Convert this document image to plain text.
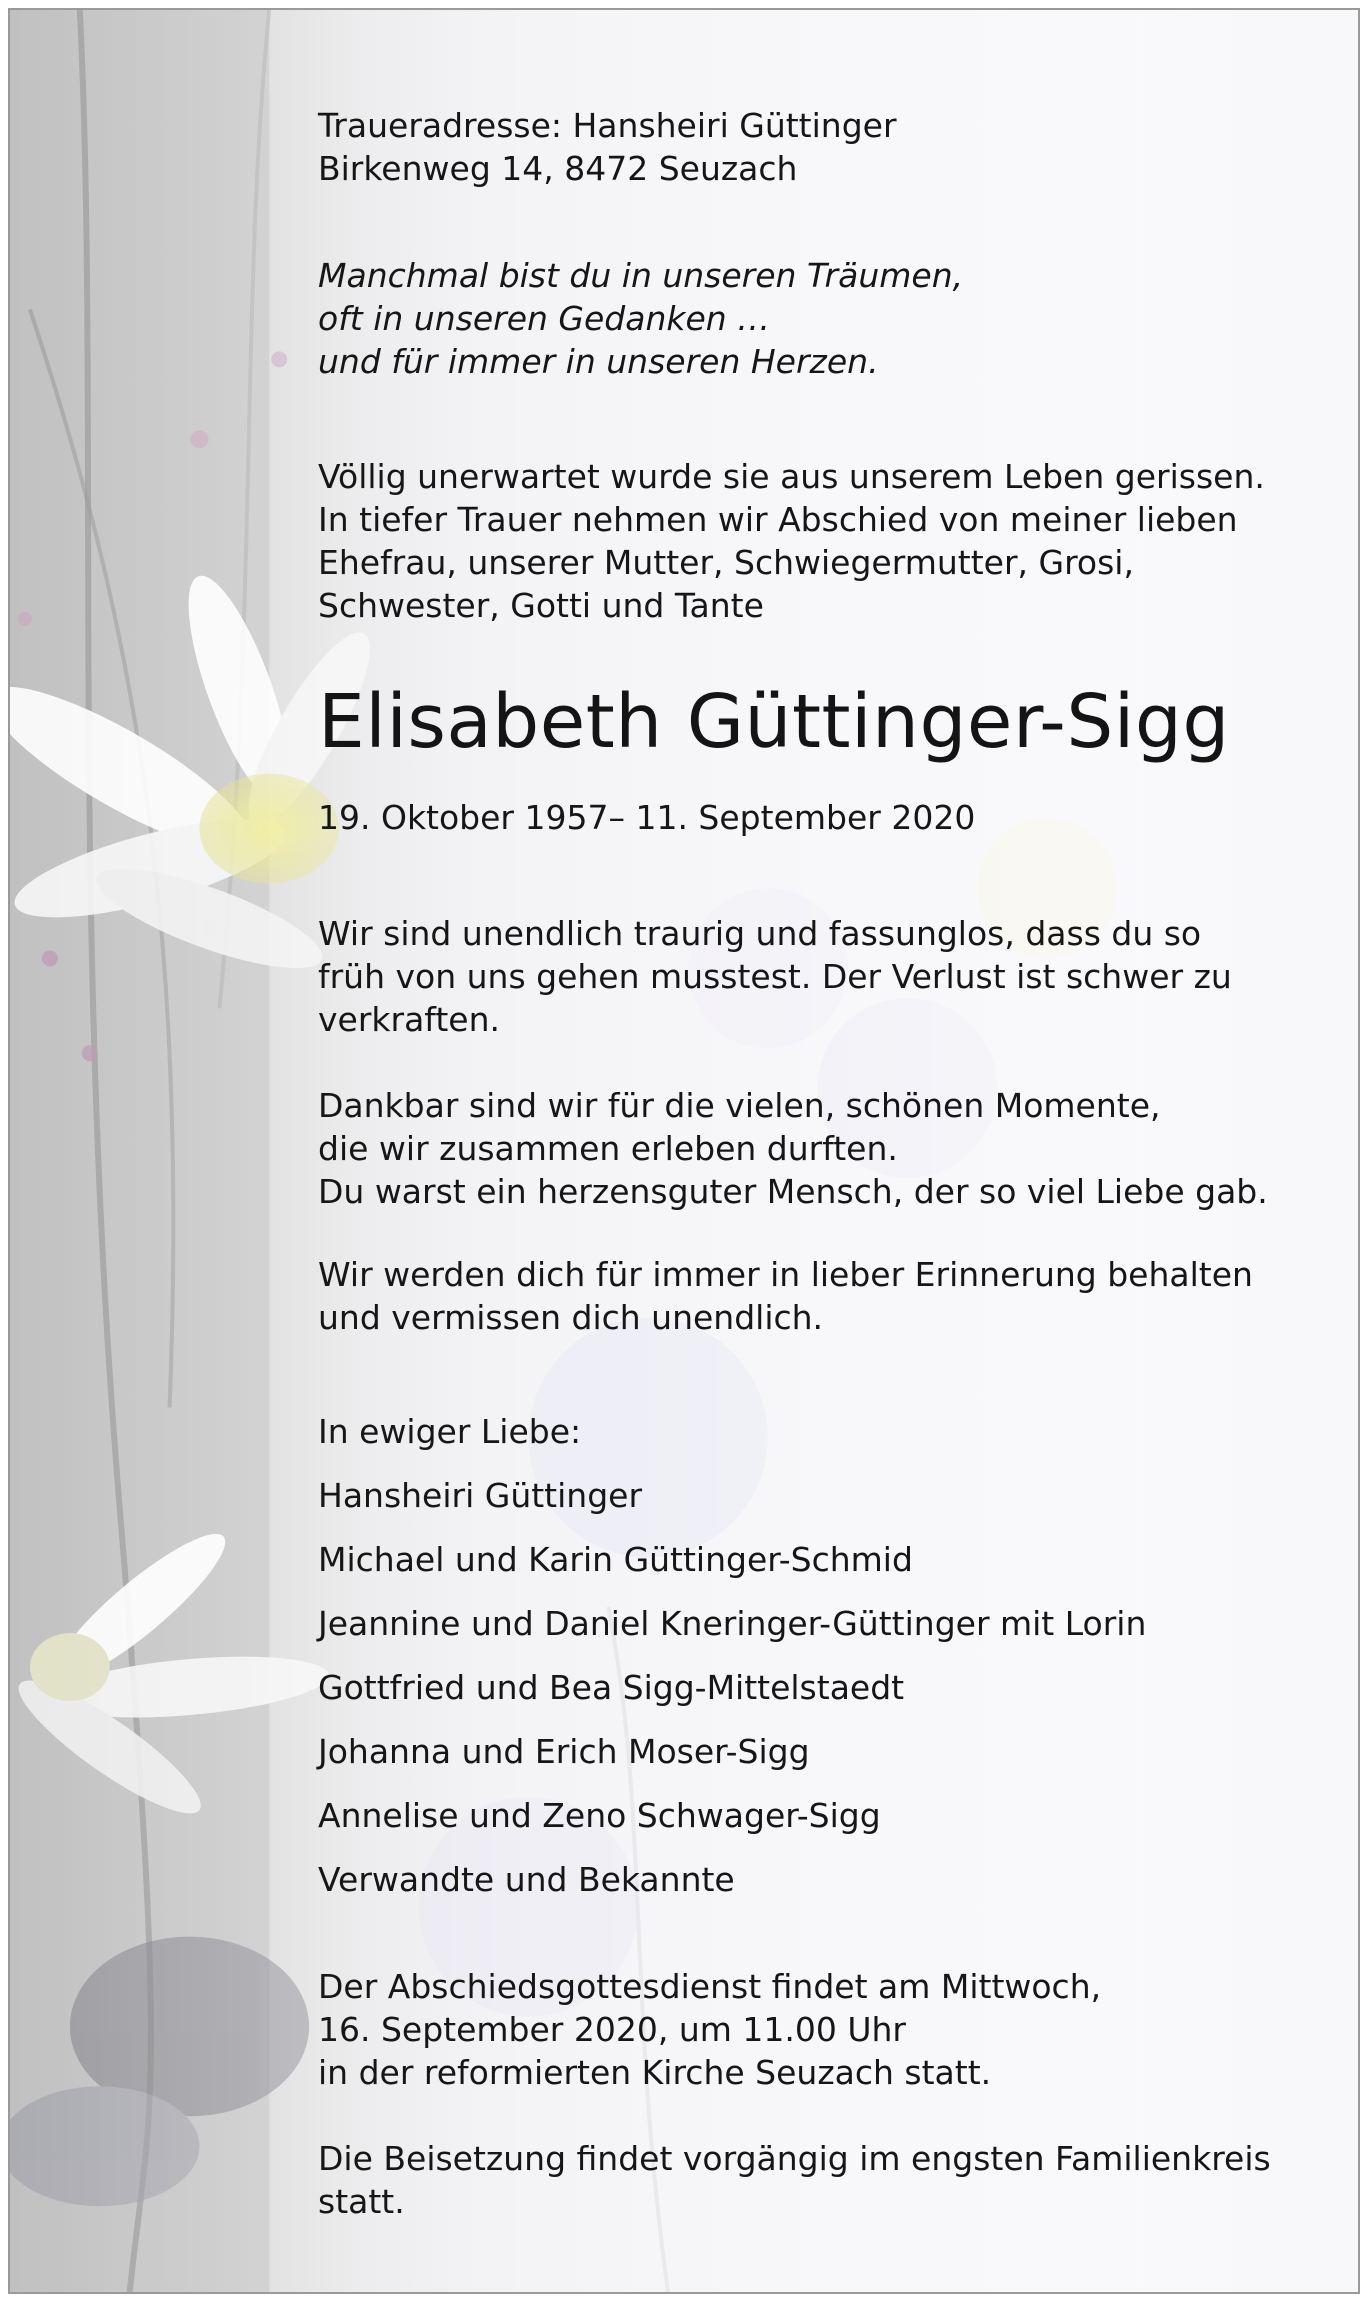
Traueradresse: Hansheiri Güttinger
Birkenweg 14, 8472 Seuzach

Manchmal bist du in unseren Träumen,
oft in unseren Gedanken …
und für immer in unseren Herzen.

Völlig unerwartet wurde sie aus unserem Leben gerissen.
In tiefer Trauer nehmen wir Abschied von meiner lieben
Ehefrau, unserer Mutter, Schwiegermutter, Grosi,
Schwester, Gotti und Tante

Elisabeth Güttinger-Sigg

19. Oktober 1957– 11. September 2020

Wir sind unendlich traurig und fassunglos, dass du so
früh von uns gehen musstest. Der Verlust ist schwer zu
verkraften.

Dankbar sind wir für die vielen, schönen Momente,
die wir zusammen erleben durften.
Du warst ein herzensguter Mensch, der so viel Liebe gab.

Wir werden dich für immer in lieber Erinnerung behalten
und vermissen dich unendlich.

In ewiger Liebe:
Hansheiri Güttinger
Michael und Karin Güttinger-Schmid
Jeannine und Daniel Kneringer-Güttinger mit Lorin
Gottfried und Bea Sigg-Mittelstaedt
Johanna und Erich Moser-Sigg
Annelise und Zeno Schwager-Sigg
Verwandte und Bekannte

Der Abschiedsgottesdienst findet am Mittwoch,
16. September 2020, um 11.00 Uhr
in der reformierten Kirche Seuzach statt.

Die Beisetzung findet vorgängig im engsten Familienkreis
statt.
